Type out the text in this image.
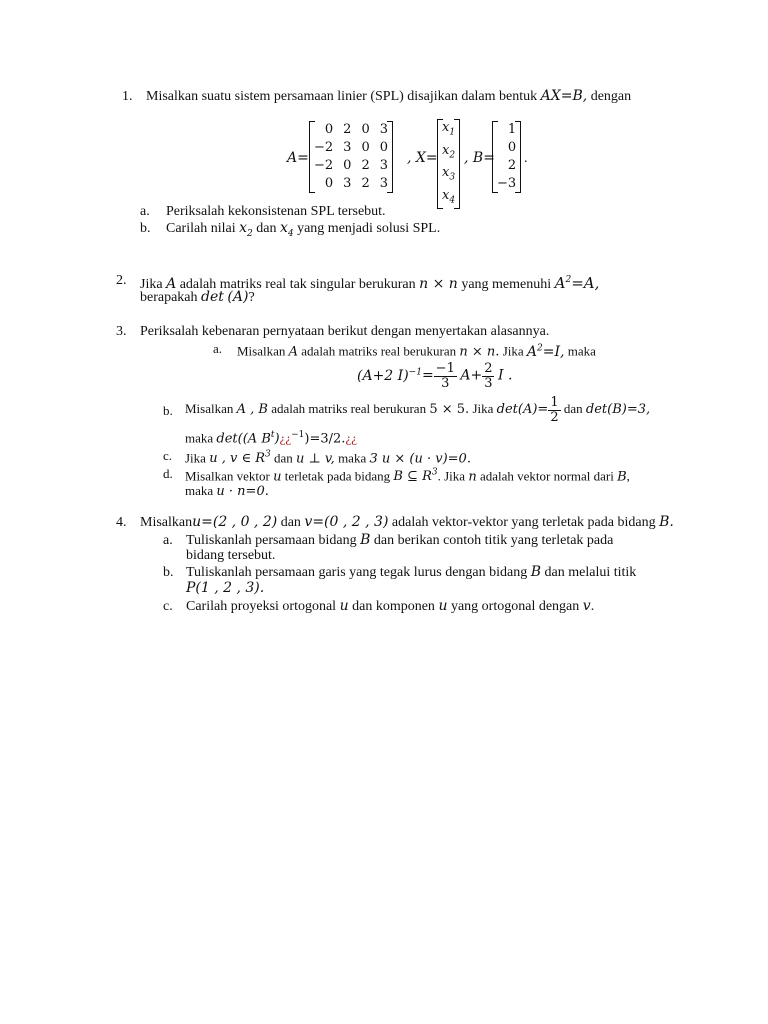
1. Misalkan suatu sistem persamaan linier (SPL) disajikan dalam bentuk AX=B, dengan
A=
0	2	0	3
−2	3	0	0
−2	0	2	3
0	3	2	3
, X=
$x_1$
$x_2$
$x_3$
$x_4$
, B=
1
0
2
−3
.
a. Periksalah kekonsistenan SPL tersebut.
b. Carilah nilai $x_2$ dan $x_4$ yang menjadi solusi SPL.
2. Jika A adalah matriks real tak singular berukuran n × n yang memenuhi $A^2=A$,
berapakah det (A)?
3. Periksalah kebenaran pernyataan berikut dengan menyertakan alasannya.
a. Misalkan A adalah matriks real berukuran n × n. Jika $A^2=I$, maka
(A+2 $I)^{-1}= \frac{-1}{3} A+ \frac{2}{3}$ I .
b. Misalkan A , B adalah matriks real berukuran 5 × 5. Jika $\det(A)= \frac{1}{2}$ dan det(B)=3,
maka det((A $B^t)¿¿^{-1})=3/2.¿¿$
c. Jika u , v ∈ $R^3$ dan u ⊥ v, maka 3 u × (u · v)=0.
d. Misalkan vektor u terletak pada bidang B ⊆ $R^3$. Jika n adalah vektor normal dari B,
maka u · n=0.
4. Misalkanu=(2 , 0 , 2) dan v=(0 , 2 , 3) adalah vektor-vektor yang terletak pada bidang B.
a. Tuliskanlah persamaan bidang B dan berikan contoh titik yang terletak pada
bidang tersebut.
b. Tuliskanlah persamaan garis yang tegak lurus dengan bidang B dan melalui titik
P(1 , 2 , 3).
c. Carilah proyeksi ortogonal u dan komponen u yang ortogonal dengan v.
